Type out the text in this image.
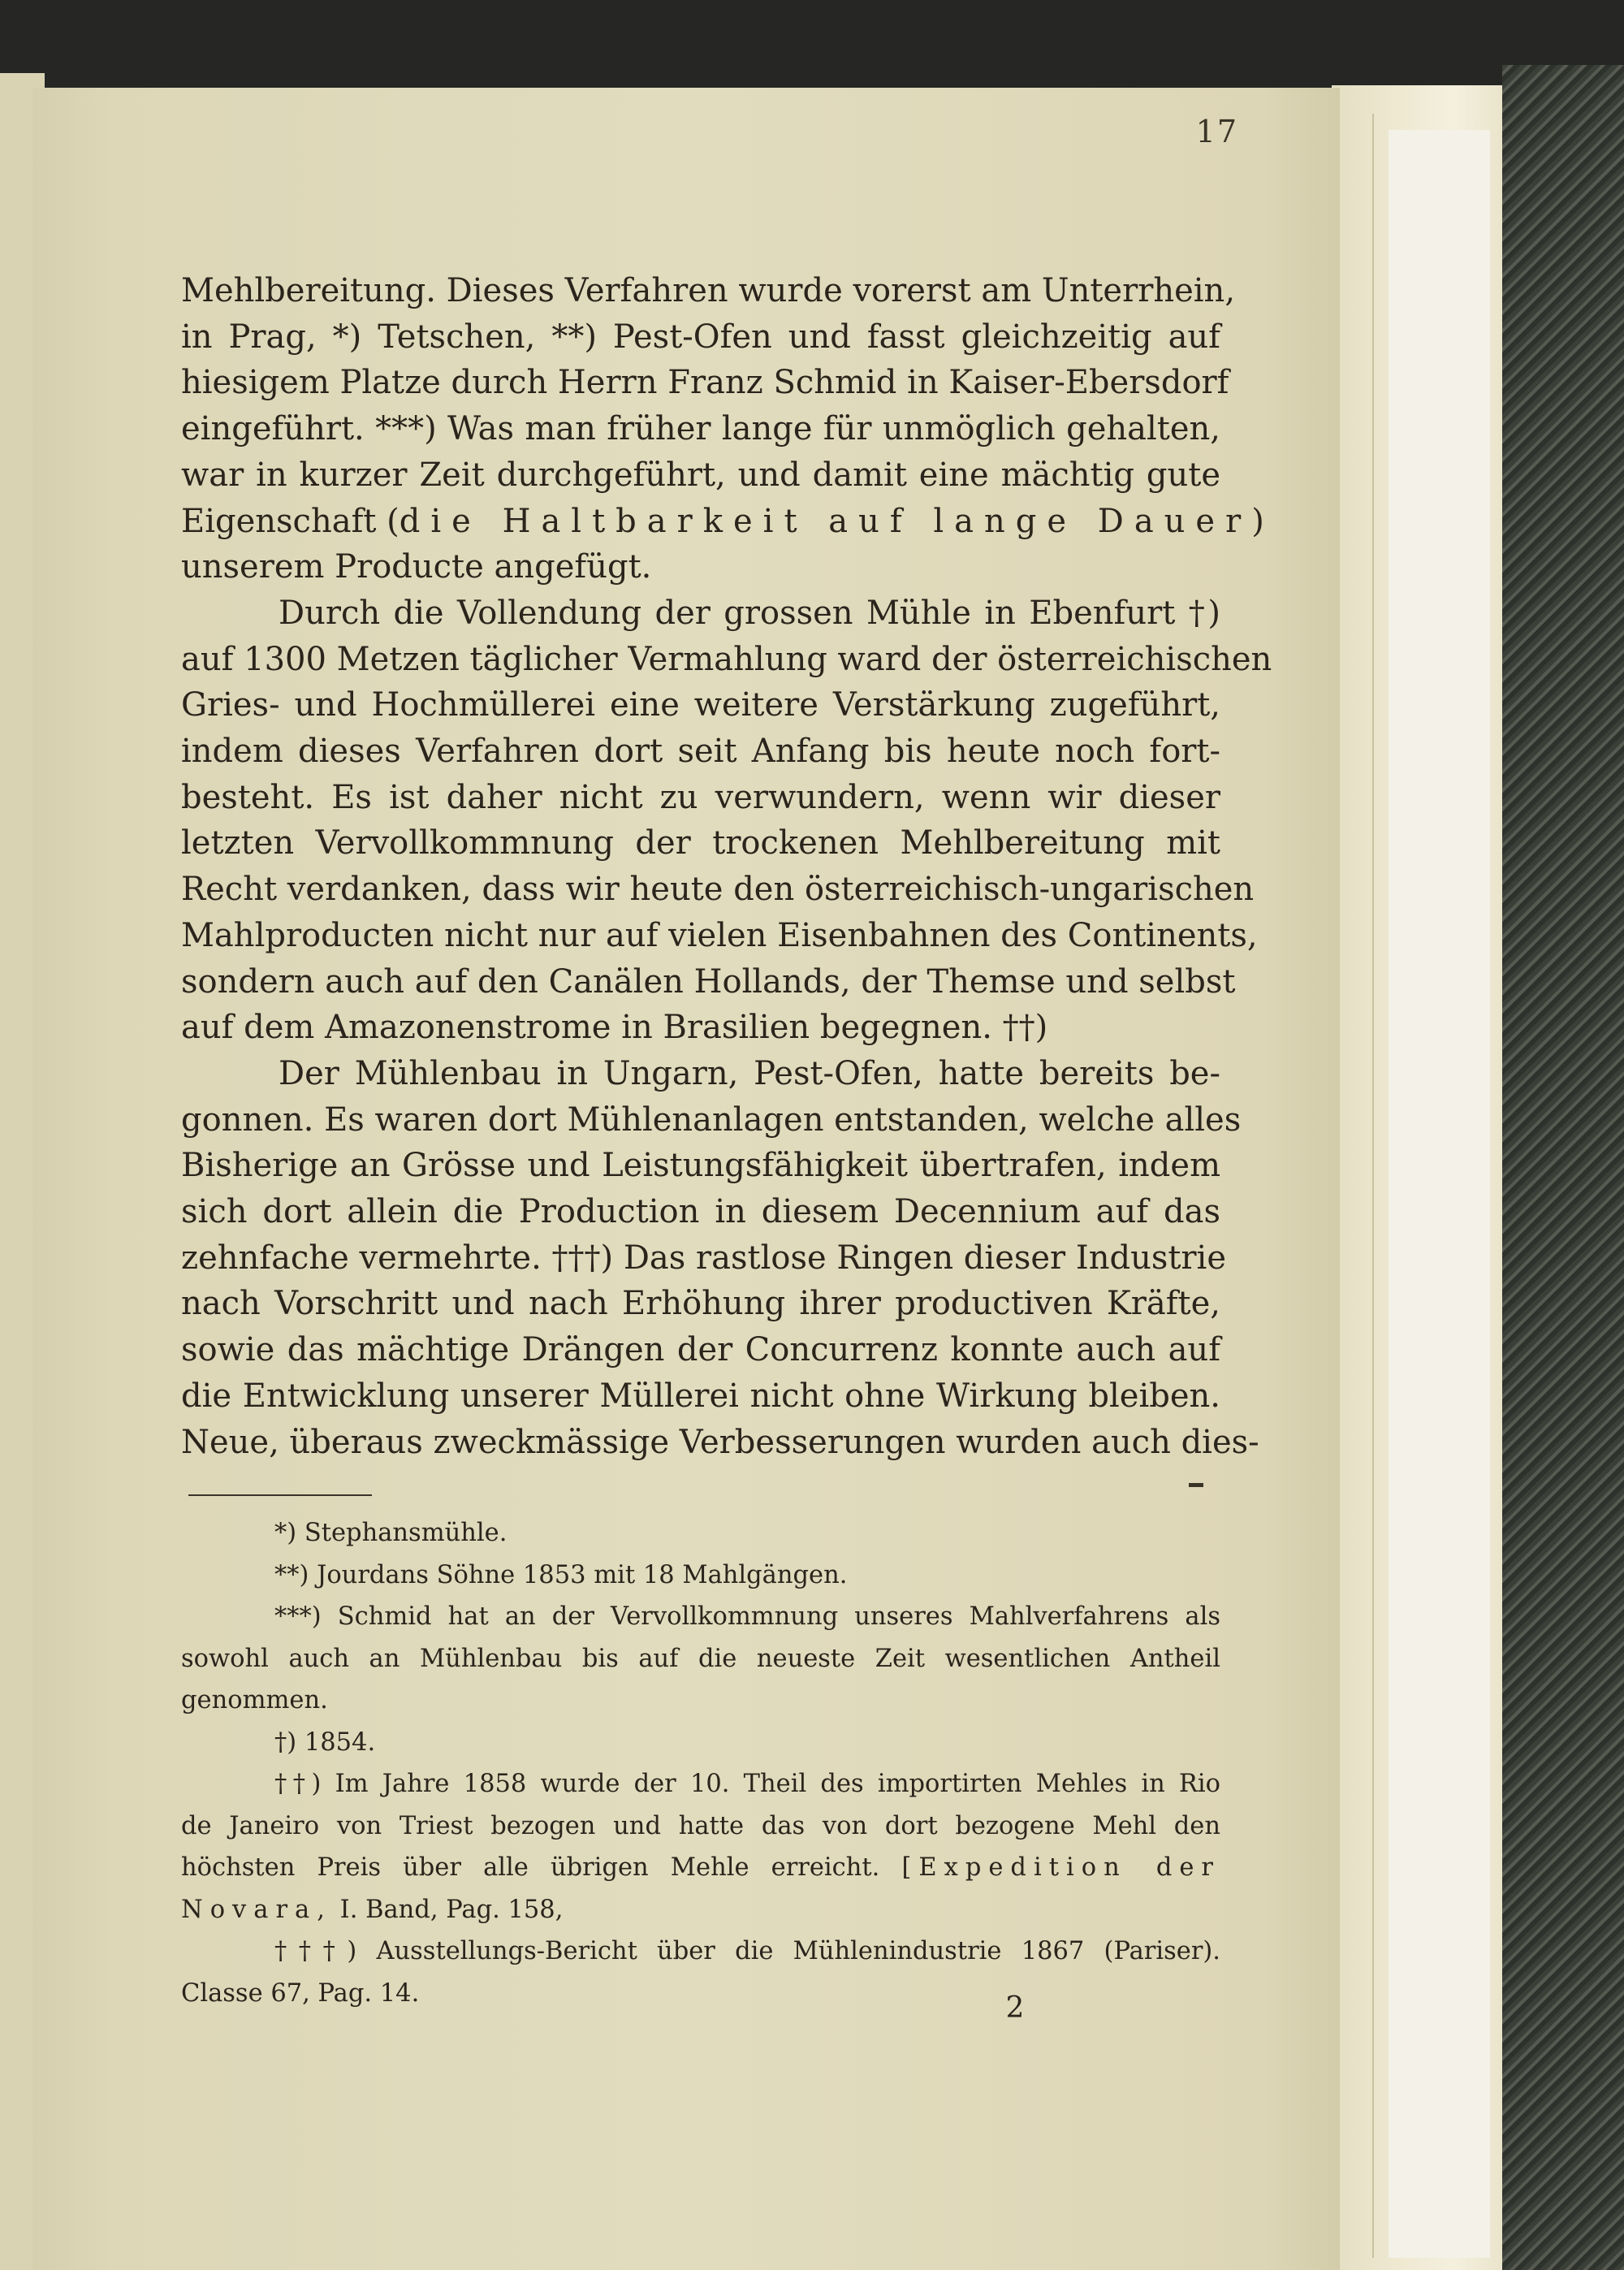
17

Mehlbereitung. Dieses Verfahren wurde vorerst am Unterrhein,
in Prag, *) Tetschen, **) Pest-Ofen und fasst gleichzeitig auf
hiesigem Platze durch Herrn Franz Schmid in Kaiser-Ebersdorf
eingeführt. ***) Was man früher lange für unmöglich gehalten,
war in kurzer Zeit durchgeführt, und damit eine mächtig gute
Eigenschaft (die Haltbarkeit auf lange Dauer)
unserem Producte angefügt.

Durch die Vollendung der grossen Mühle in Ebenfurt †)
auf 1300 Metzen täglicher Vermahlung ward der österreichischen
Gries- und Hochmüllerei eine weitere Verstärkung zugeführt,
indem dieses Verfahren dort seit Anfang bis heute noch fort-
besteht. Es ist daher nicht zu verwundern, wenn wir dieser
letzten Vervollkommnung der trockenen Mehlbereitung mit
Recht verdanken, dass wir heute den österreichisch-ungarischen
Mahlproducten nicht nur auf vielen Eisenbahnen des Continents,
sondern auch auf den Canälen Hollands, der Themse und selbst
auf dem Amazonenstrome in Brasilien begegnen. ††)

Der Mühlenbau in Ungarn, Pest-Ofen, hatte bereits be-
gonnen. Es waren dort Mühlenanlagen entstanden, welche alles
Bisherige an Grösse und Leistungsfähigkeit übertrafen, indem
sich dort allein die Production in diesem Decennium auf das
zehnfache vermehrte. †††) Das rastlose Ringen dieser Industrie
nach Vorschritt und nach Erhöhung ihrer productiven Kräfte,
sowie das mächtige Drängen der Concurrenz konnte auch auf
die Entwicklung unserer Müllerei nicht ohne Wirkung bleiben.
Neue, überaus zweckmässige Verbesserungen wurden auch dies-

*) Stephansmühle.
**) Jourdans Söhne 1853 mit 18 Mahlgängen.
***) Schmid hat an der Vervollkommnung unseres Mahlverfahrens als
sowohl auch an Mühlenbau bis auf die neueste Zeit wesentlichen Antheil
genommen.
†) 1854.
††) Im Jahre 1858 wurde der 10. Theil des importirten Mehles in Rio
de Janeiro von Triest bezogen und hatte das von dort bezogene Mehl den
höchsten Preis über alle übrigen Mehle erreicht. [Expedition der
Novara, I. Band, Pag. 158,
†††) Ausstellungs-Bericht über die Mühlenindustrie 1867 (Pariser).
Classe 67, Pag. 14.	2
